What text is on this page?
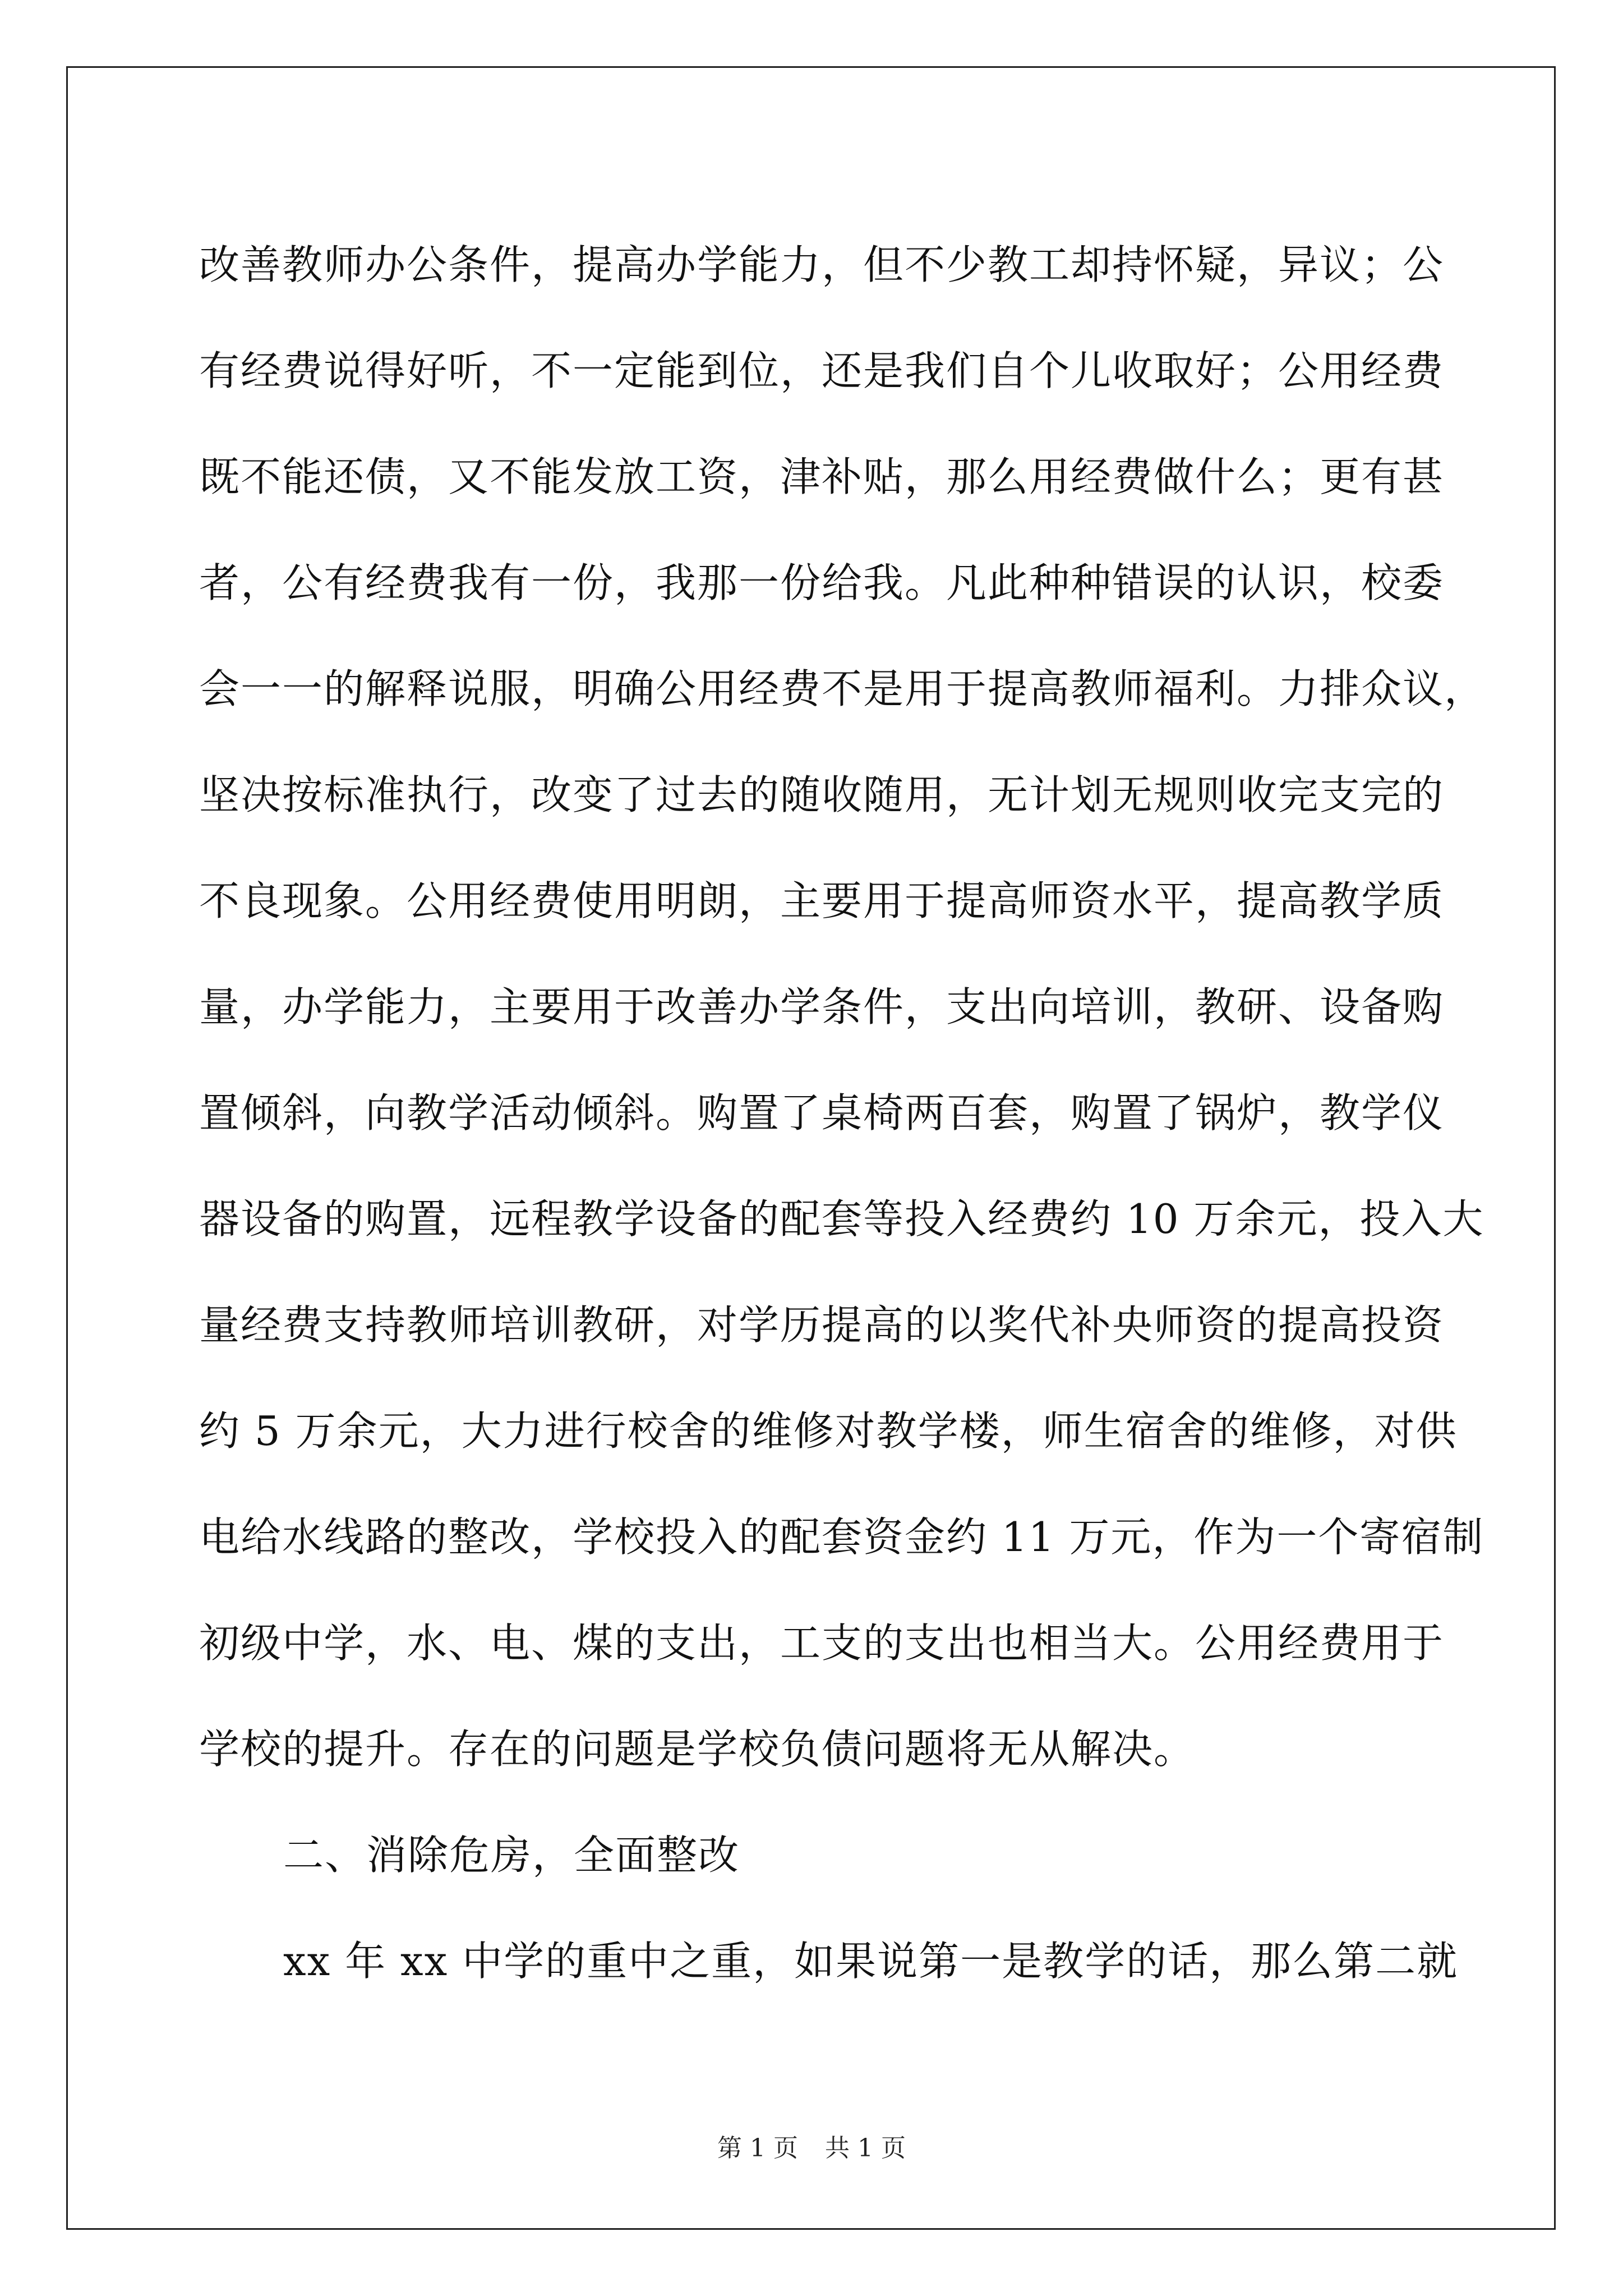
改善教师办公条件，提高办学能力，但不少教工却持怀疑，异议；公
有经费说得好听，不一定能到位，还是我们自个儿收取好；公用经费
既不能还债，又不能发放工资，津补贴，那么用经费做什么；更有甚
者，公有经费我有一份，我那一份给我。凡此种种错误的认识，校委
会一一的解释说服，明确公用经费不是用于提高教师福利。力排众议，
坚决按标准执行，改变了过去的随收随用，无计划无规则收完支完的
不良现象。公用经费使用明朗，主要用于提高师资水平，提高教学质
量，办学能力，主要用于改善办学条件，支出向培训，教研、设备购
置倾斜，向教学活动倾斜。购置了桌椅两百套，购置了锅炉，教学仪
器设备的购置，远程教学设备的配套等投入经费约 10 万余元，投入大
量经费支持教师培训教研，对学历提高的以奖代补央师资的提高投资
约 5 万余元，大力进行校舍的维修对教学楼，师生宿舍的维修，对供
电给水线路的整改，学校投入的配套资金约 11 万元，作为一个寄宿制
初级中学，水、电、煤的支出，工支的支出也相当大。公用经费用于
学校的提升。存在的问题是学校负债问题将无从解决。
二、消除危房，全面整改
xx 年 xx 中学的重中之重，如果说第一是教学的话，那么第二就
第 1 页 共 1 页
